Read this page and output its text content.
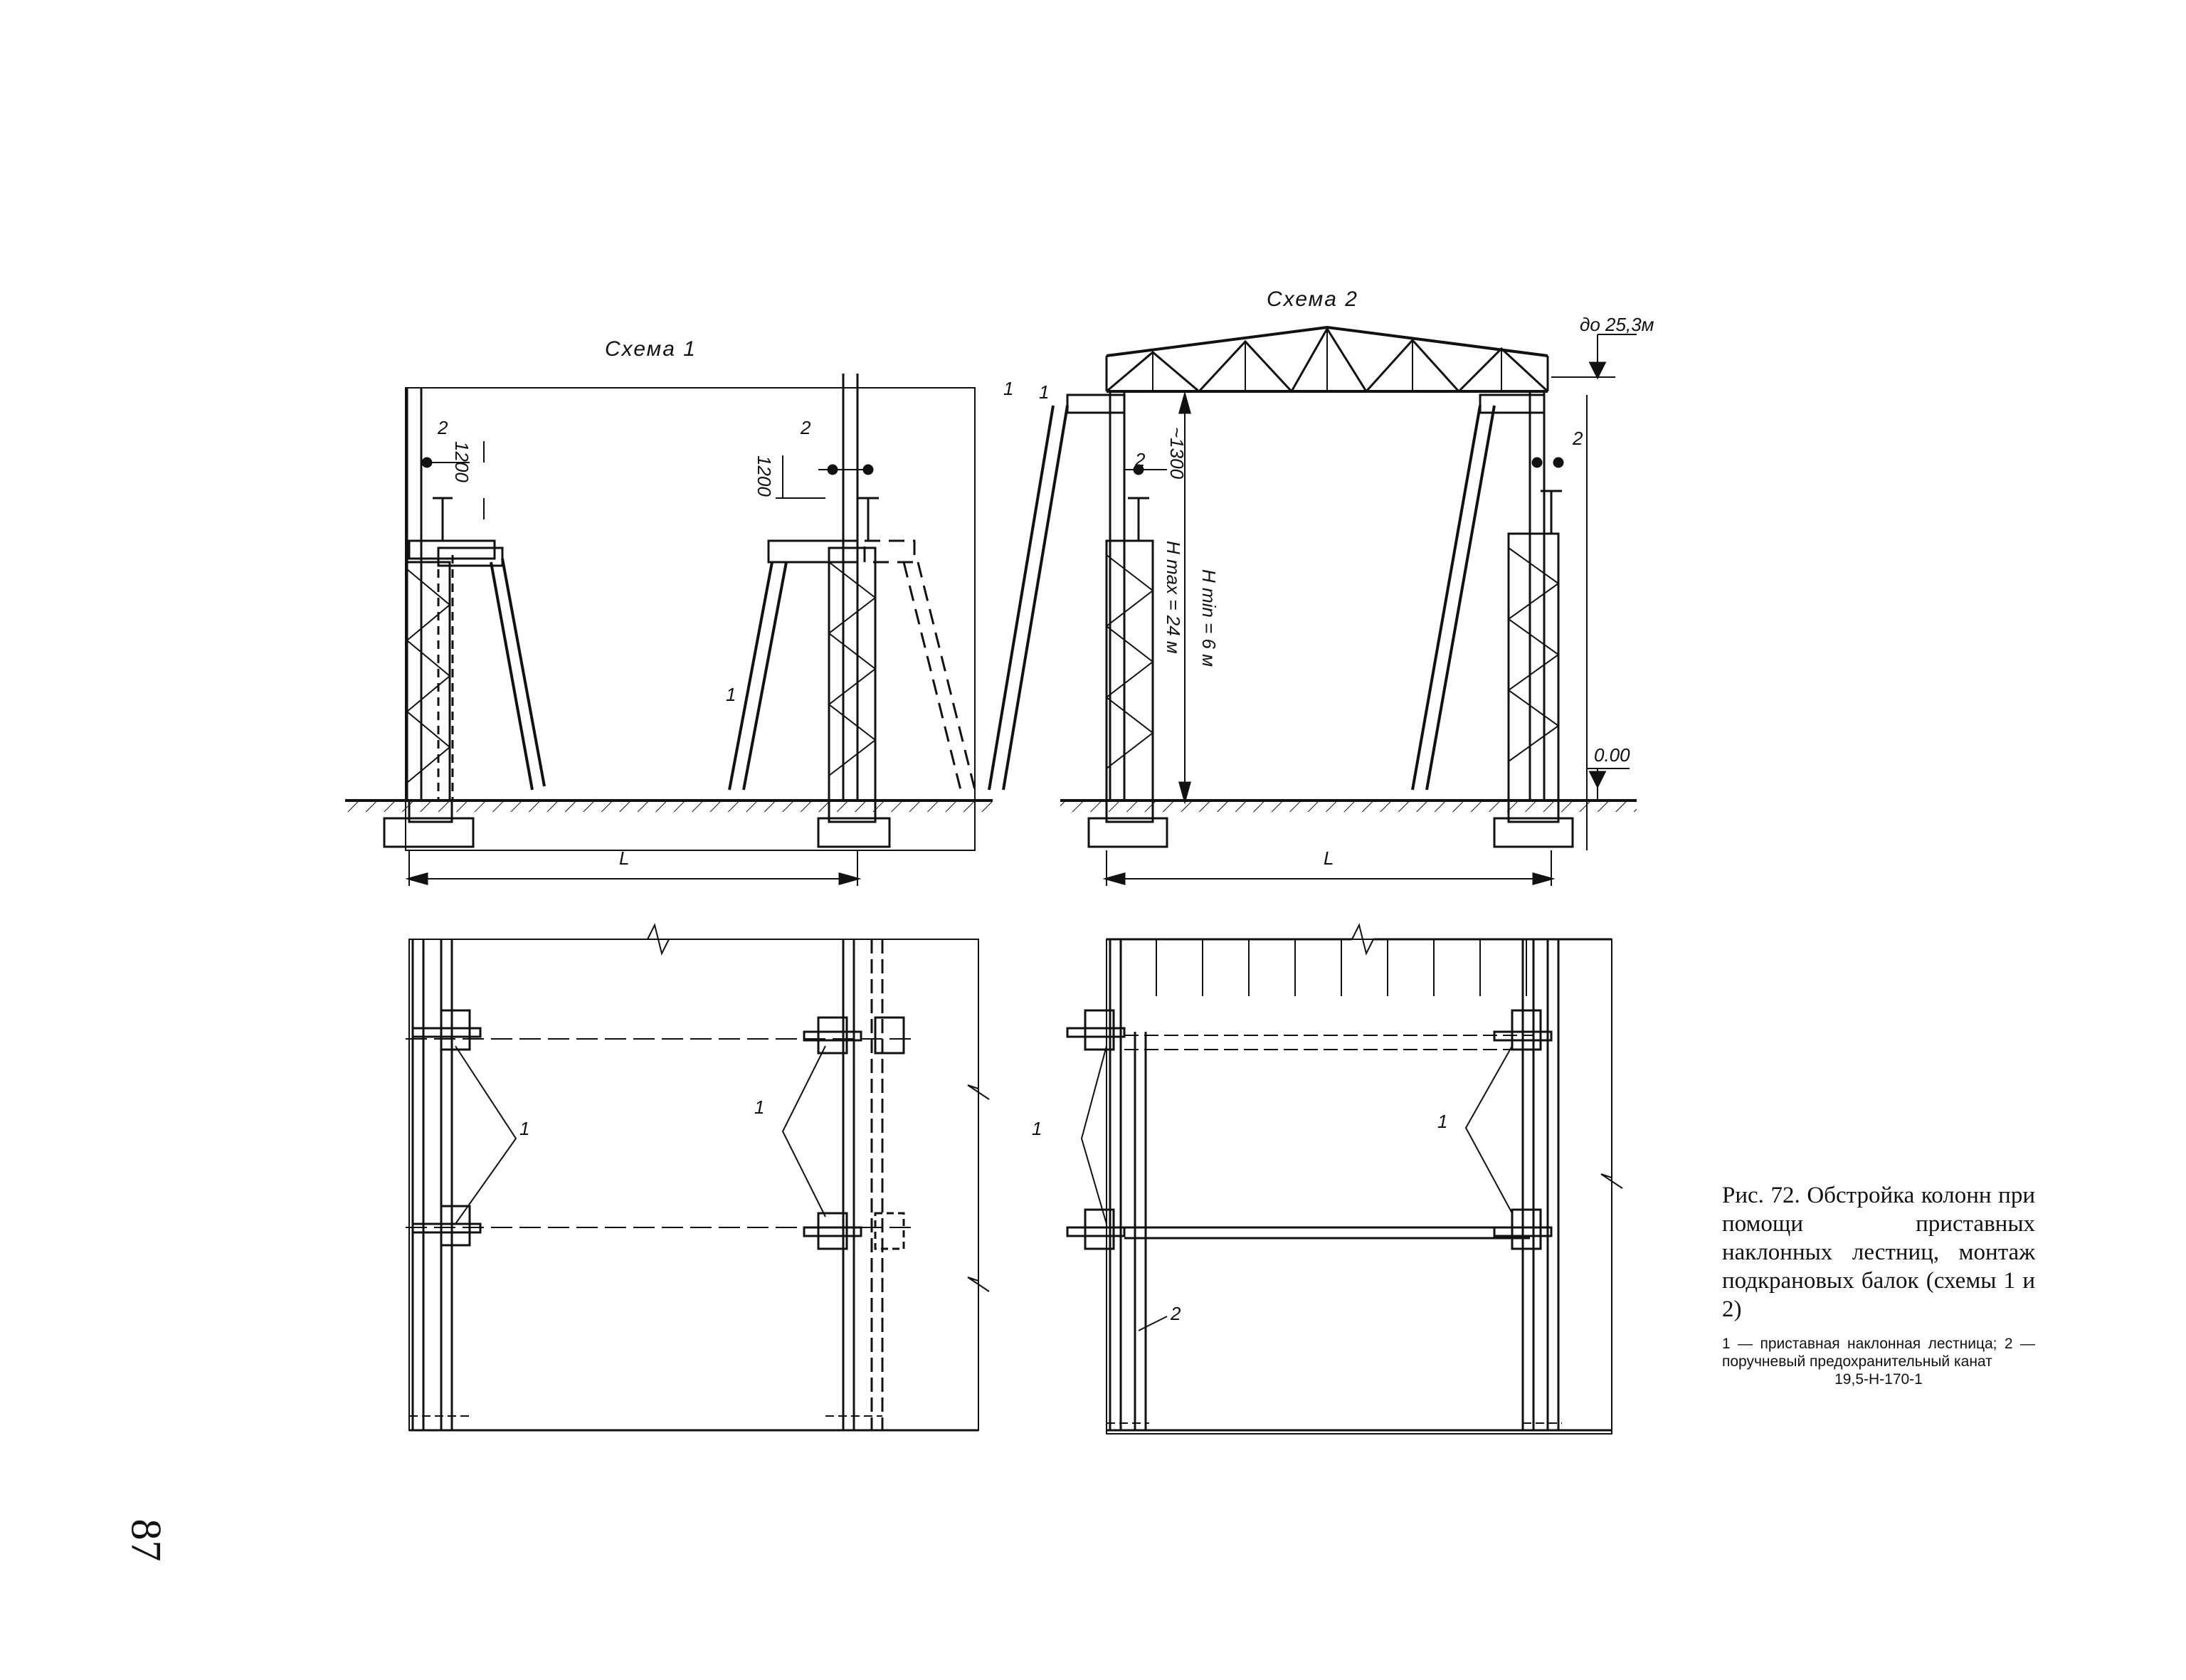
Схема 1
Схема 2
1200	1200	~1300
H max = 24 м H min = 6 м
до 25,3м
0.00
L	L
1
1 1
2	2
2
2
1
1
1	1
2

Рис. 72. Обстройка колонн при помощи приставных наклонных лестниц, монтаж подкрановых балок (схемы 1 и 2)

1 — приставная наклонная лестница; 2 — поручневый предохранительный канат
19,5-Н-170-1
87
